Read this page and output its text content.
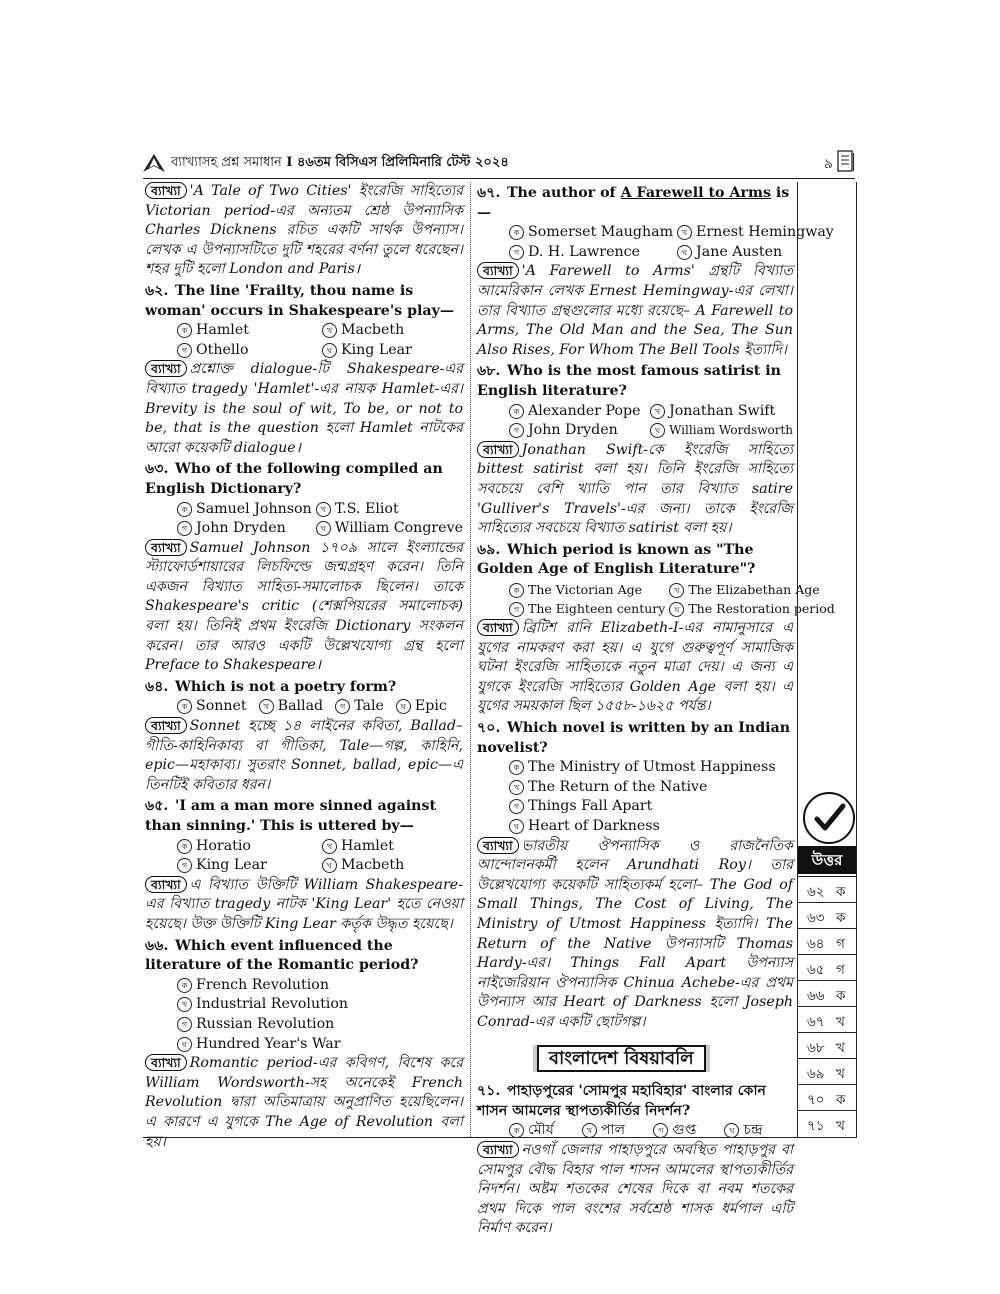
ব্যাখ্যাসহ প্রশ্ন সমাধান I ৪৬তম বিসিএস প্রিলিমিনারি টেস্ট ২০২৪	৯
ব্যাখ্যা 'A Tale of Two Cities' ইংরেজি সাহিত্যের Victorian period-এর অন্যতম শ্রেষ্ঠ উপন্যাসিক Charles Dicknens রচিত একটি সার্থক উপন্যাস। লেখক এ উপন্যাসটিতে দুটি শহরের বর্ণনা তুলে ধরেছেন। শহর দুটি হলো London and Paris।
৬২. The line 'Frailty, thou name is woman' occurs in Shakespeare's play—
ক Hamlet	খ Macbeth
গ Othello	ঘ King Lear
ব্যাখ্যা প্রশ্নোক্ত dialogue-টি Shakespeare-এর বিখ্যাত tragedy 'Hamlet'-এর নায়ক Hamlet-এর। Brevity is the soul of wit, To be, or not to be, that is the question হলো Hamlet নাটকের আরো কয়েকটি dialogue।
৬৩. Who of the following compiled an English Dictionary?
ক Samuel Johnson	খ T.S. Eliot
গ John Dryden	ঘ William Congreve
ব্যাখ্যা Samuel Johnson ১৭০৯ সালে ইংল্যান্ডের স্ট্যাফোর্ডশায়ারের লিচফিল্ডে জন্মগ্রহণ করেন। তিনি একজন বিখ্যাত সাহিত্য-সমালোচক ছিলেন। তাকে Shakespeare's critic (শেক্সপিয়রের সমালোচক) বলা হয়। তিনিই প্রথম ইংরেজি Dictionary সংকলন করেন। তার আরও একটি উল্লেখযোগ্য গ্রন্থ হলো Preface to Shakespeare।
৬৪. Which is not a poetry form?
ক Sonnet	খ Ballad	গ Tale	ঘ Epic
ব্যাখ্যা Sonnet হচ্ছে ১৪ লাইনের কবিতা, Ballad–গীতি-কাহিনিকাব্য বা গীতিকা, Tale—গল্প, কাহিনি, epic—মহাকাব্য। সুতরাং Sonnet, ballad, epic—এ তিনটিই কবিতার ধরন।
৬৫. 'I am a man more sinned against than sinning.' This is uttered by—
ক Horatio	খ Hamlet
গ King Lear	ঘ Macbeth
ব্যাখ্যা এ বিখ্যাত উক্তিটি William Shakespeare-এর বিখ্যাত tragedy নাটক 'King Lear' হতে নেওয়া হয়েছে। উক্ত উক্তিটি King Lear কর্তৃক উদ্ধৃত হয়েছে।
৬৬. Which event influenced the literature of the Romantic period?
ক French Revolution
খ Industrial Revolution
গ Russian Revolution
ঘ Hundred Year's War
ব্যাখ্যা Romantic period-এর কবিগণ, বিশেষ করে William Wordsworth-সহ অনেকেই French Revolution দ্বারা অতিমাত্রায় অনুপ্রাণিত হয়েছিলেন। এ কারণে এ যুগকে The Age of Revolution বলা হয়।
৬৭. The author of A Farewell to Arms is—
ক Somerset Maugham	খ Ernest Hemingway
গ D. H. Lawrence	ঘ Jane Austen
ব্যাখ্যা 'A Farewell to Arms' গ্রন্থটি বিখ্যাত আমেরিকান লেখক Ernest Hemingway-এর লেখা। তার বিখ্যাত গ্রন্থগুলোর মধ্যে রয়েছে– A Farewell to Arms, The Old Man and the Sea, The Sun Also Rises, For Whom The Bell Tools ইত্যাদি।
৬৮. Who is the most famous satirist in English literature?
ক Alexander Pope	খ Jonathan Swift
গ John Dryden	ঘ William Wordsworth
ব্যাখ্যা Jonathan Swift-কে ইংরেজি সাহিত্যে bittest satirist বলা হয়। তিনি ইংরেজি সাহিত্যে সবচেয়ে বেশি খ্যাতি পান তার বিখ্যাত satire 'Gulliver's Travels'-এর জন্য। তাকে ইংরেজি সাহিত্যের সবচেয়ে বিখ্যাত satirist বলা হয়।
৬৯. Which period is known as "The Golden Age of English Literature"?
ক The Victorian Age	খ The Elizabethan Age
গ The Eighteen century	ঘ The Restoration period
ব্যাখ্যা ব্রিটিশ রানি Elizabeth-I-এর নামানুসারে এ যুগের নামকরণ করা হয়। এ যুগে গুরুত্বপূর্ণ সামাজিক ঘটনা ইংরেজি সাহিত্যকে নতুন মাত্রা দেয়। এ জন্য এ যুগকে ইংরেজি সাহিত্যের Golden Age বলা হয়। এ যুগের সময়কাল ছিল ১৫৫৮-১৬২৫ পর্যন্ত।
৭০. Which novel is written by an Indian novelist?
ক The Ministry of Utmost Happiness
খ The Return of the Native
গ Things Fall Apart
ঘ Heart of Darkness
ব্যাখ্যা ভারতীয় ঔপন্যাসিক ও রাজনৈতিক আন্দোলনকর্মী হলেন Arundhati Roy। তার উল্লেখযোগ্য কয়েকটি সাহিত্যকর্ম হলো– The God of Small Things, The Cost of Living, The Ministry of Utmost Happiness ইত্যাদি। The Return of the Native উপন্যাসটি Thomas Hardy-এর। Things Fall Apart উপন্যাস নাইজেরিয়ান ঔপন্যাসিক Chinua Achebe-এর প্রথম উপন্যাস আর Heart of Darkness হলো Joseph Conrad-এর একটি ছোটগল্প।
বাংলাদেশ বিষয়াবলি
৭১. পাহাড়পুরের 'সোমপুর মহাবিহার' বাংলার কোন শাসন আমলের স্থাপত্যকীর্তির নিদর্শন?
ক মৌর্য	খ পাল	গ গুপ্ত	ঘ চন্দ্র
ব্যাখ্যা নওগাঁ জেলার পাহাড়পুরে অবস্থিত পাহাড়পুর বা সোমপুর বৌদ্ধ বিহার পাল শাসন আমলের স্থাপত্যকীর্তির নিদর্শন। অষ্টম শতকের শেষের দিকে বা নবম শতকের প্রথম দিকে পাল বংশের সর্বশ্রেষ্ঠ শাসক ধর্মপাল এটি নির্মাণ করেন।
উত্তর
৬২ ক
৬৩ ক
৬৪ গ
৬৫ গ
৬৬ ক
৬৭ খ
৬৮ খ
৬৯ খ
৭০ ক
৭১ খ
